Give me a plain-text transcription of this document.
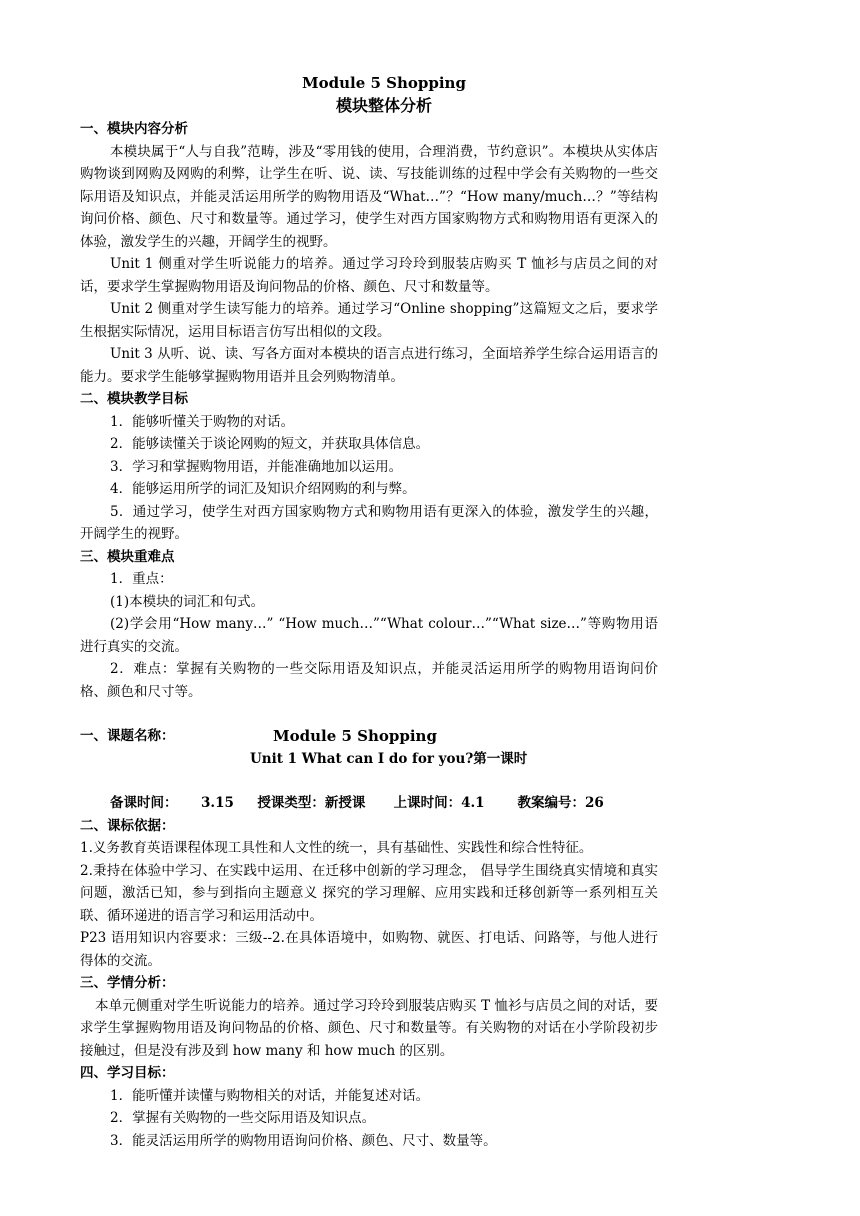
Module 5 Shopping
模块整体分析
一、模块内容分析
本模块属于“人与自我”范畴，涉及“零用钱的使用，合理消费，节约意识”。本模块从实体店购物谈到网购及网购的利弊，让学生在听、说、读、写技能训练的过程中学会有关购物的一些交际用语及知识点，并能灵活运用所学的购物用语及“What…”？“How many/much…？”等结构询问价格、颜色、尺寸和数量等。通过学习，使学生对西方国家购物方式和购物用语有更深入的体验，激发学生的兴趣，开阔学生的视野。
Unit 1 侧重对学生听说能力的培养。通过学习玲玲到服装店购买 T 恤衫与店员之间的对话，要求学生掌握购物用语及询问物品的价格、颜色、尺寸和数量等。
Unit 2 侧重对学生读写能力的培养。通过学习“Online shopping”这篇短文之后，要求学生根据实际情况，运用目标语言仿写出相似的文段。
Unit 3 从听、说、读、写各方面对本模块的语言点进行练习，全面培养学生综合运用语言的能力。要求学生能够掌握购物用语并且会列购物清单。
二、模块教学目标
1．能够听懂关于购物的对话。
2．能够读懂关于谈论网购的短文，并获取具体信息。
3．学习和掌握购物用语，并能准确地加以运用。
4．能够运用所学的词汇及知识介绍网购的利与弊。
5．通过学习，使学生对西方国家购物方式和购物用语有更深入的体验，激发学生的兴趣，开阔学生的视野。
三、模块重难点
1．重点：
(1)本模块的词汇和句式。
(2)学会用“How many…” “How much…”“What colour…”“What size…”等购物用语进行真实的交流。
2．难点：掌握有关购物的一些交际用语及知识点，并能灵活运用所学的购物用语询问价格、颜色和尺寸等。
一、课题名称：	Module 5 Shopping
Unit 1 What can I do for you?第一课时
备课时间：     3.15     授课类型：新授课      上课时间：4.1       教案编号：26
二、课标依据：
1.义务教育英语课程体现工具性和人文性的统一，具有基础性、实践性和综合性特征。
2.秉持在体验中学习、在实践中运用、在迁移中创新的学习理念， 倡导学生围绕真实情境和真实问题，激活已知，参与到指向主题意义 探究的学习理解、应用实践和迁移创新等一系列相互关联、循环递进的语言学习和运用活动中。
P23 语用知识内容要求：三级--2.在具体语境中，如购物、就医、打电话、问路等，与他人进行得体的交流。
三、学情分析：
本单元侧重对学生听说能力的培养。通过学习玲玲到服装店购买 T 恤衫与店员之间的对话，要求学生掌握购物用语及询问物品的价格、颜色、尺寸和数量等。有关购物的对话在小学阶段初步接触过，但是没有涉及到 how many 和 how much 的区别。
四、学习目标：
1．能听懂并读懂与购物相关的对话，并能复述对话。
2．掌握有关购物的一些交际用语及知识点。
3．能灵活运用所学的购物用语询问价格、颜色、尺寸、数量等。
